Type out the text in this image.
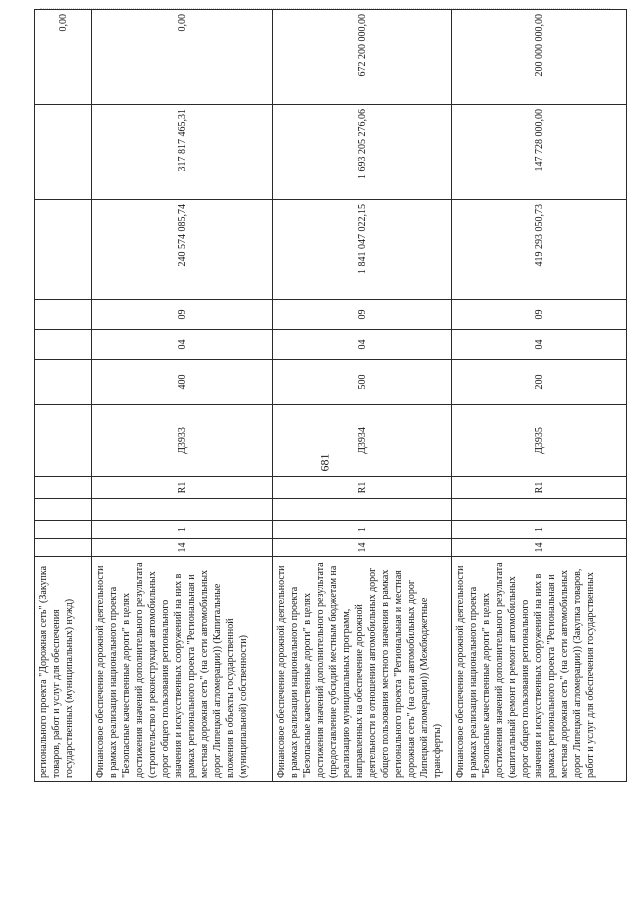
681
регионального проекта "Дорожная сеть" (Закупка товаров, работ и услуг для обеспечения государственных (муниципальных) нужд)											0,00
Финансовое обеспечение дорожной деятельности в рамках реализации национального проекта "Безопасные качественные дороги" в целях достижения значений дополнительного результата (строительство и реконструкция автомобильных дорог общего пользования регионального значения и искусственных сооружений на них в рамках регионального проекта "Региональная и местная дорожная сеть" (на сети автомобильных дорог Липецкой агломерации)) (Капитальные вложения в объекты государственной (муниципальной) собственности)	14	1		R1	Д3933	400	04	09	240 574 085,74	317 817 465,31	0,00
Финансовое обеспечение дорожной деятельности в рамках реализации национального проекта "Безопасные качественные дороги" в целях достижения значений дополнительного результата (предоставление субсидий местным бюджетам на реализацию муниципальных программ, направленных на обеспечение дорожной деятельности в отношении автомобильных дорог общего пользования местного значения в рамках регионального проекта "Региональная и местная дорожная сеть" (на сети автомобильных дорог Липецкой агломерации)) (Межбюджетные трансферты)	14	1		R1	Д3934	500	04	09	1 841 047 022,15	1 693 205 276,06	672 200 000,00
Финансовое обеспечение дорожной деятельности в рамках реализации национального проекта "Безопасные качественные дороги" в целях достижения значений дополнительного результата (капитальный ремонт и ремонт автомобильных дорог общего пользования регионального значения и искусственных сооружений на них в рамках регионального проекта "Региональная и местная дорожная сеть" (на сети автомобильных дорог Липецкой агломерации)) (Закупка товаров, работ и услуг для обеспечения государственных	14	1		R1	Д3935	200	04	09	419 293 050,73	147 728 000,00	200 000 000,00
